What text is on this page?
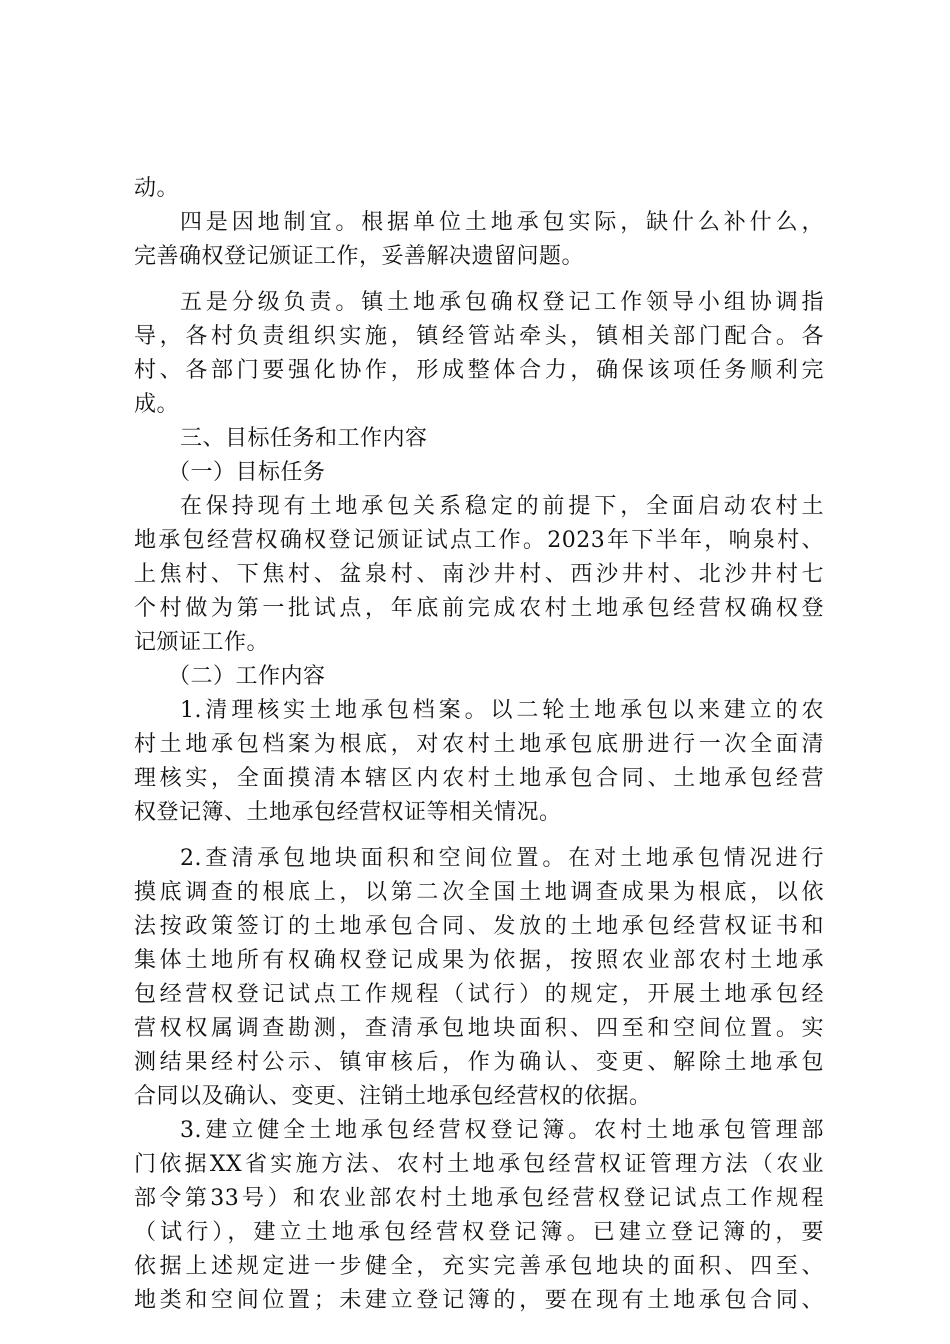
动。
四是因地制宜。根据单位土地承包实际，缺什么补什么，
完善确权登记颁证工作，妥善解决遗留问题。
五是分级负责。镇土地承包确权登记工作领导小组协调指
导，各村负责组织实施，镇经管站牵头，镇相关部门配合。各
村、各部门要强化协作，形成整体合力，确保该项任务顺利完
成。
三、目标任务和工作内容
（一）目标任务
在保持现有土地承包关系稳定的前提下，全面启动农村土
地承包经营权确权登记颁证试点工作。2023年下半年，响泉村、
上焦村、下焦村、盆泉村、南沙井村、西沙井村、北沙井村七
个村做为第一批试点，年底前完成农村土地承包经营权确权登
记颁证工作。
（二）工作内容
1.清理核实土地承包档案。以二轮土地承包以来建立的农
村土地承包档案为根底，对农村土地承包底册进行一次全面清
理核实，全面摸清本辖区内农村土地承包合同、土地承包经营
权登记簿、土地承包经营权证等相关情况。
2.查清承包地块面积和空间位置。在对土地承包情况进行
摸底调查的根底上，以第二次全国土地调查成果为根底，以依
法按政策签订的土地承包合同、发放的土地承包经营权证书和
集体土地所有权确权登记成果为依据，按照农业部农村土地承
包经营权登记试点工作规程（试行）的规定，开展土地承包经
营权权属调查勘测，查清承包地块面积、四至和空间位置。实
测结果经村公示、镇审核后，作为确认、变更、解除土地承包
合同以及确认、变更、注销土地承包经营权的依据。
3.建立健全土地承包经营权登记簿。农村土地承包管理部
门依据XX省实施方法、农村土地承包经营权证管理方法（农业
部令第33号）和农业部农村土地承包经营权登记试点工作规程
（试行），建立土地承包经营权登记簿。已建立登记簿的，要
依据上述规定进一步健全，充实完善承包地块的面积、四至、
地类和空间位置；未建立登记簿的，要在现有土地承包合同、
